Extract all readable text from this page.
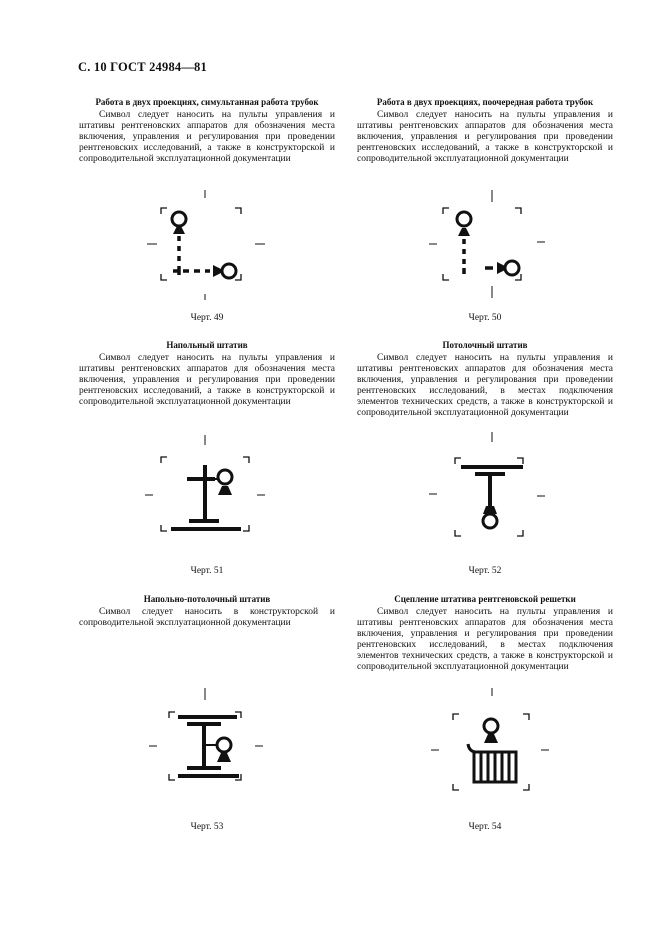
С. 10 ГОСТ 24984—81
Работа в двух проекциях, симультанная работа трубок
Символ следует наносить на пульты управления и штативы рентгеновских аппаратов для обозначения места включения, управления и регулирования при проведении рентгеновских исследований, а также в конструкторской и сопроводительной эксплуатационной документации
Черт. 49
Напольный штатив
Символ следует наносить на пульты управления и штативы рентгеновских аппаратов для обозначения места включения, управления и регулирования при проведении рентгеновских исследований, а также в конструкторской и сопроводительной эксплуатационной документации
Черт. 51
Напольно-потолочный штатив
Символ следует наносить в конструкторской и сопроводительной эксплуатационной документации
Черт. 53
Работа в двух проекциях, поочередная работа трубок
Символ следует наносить на пульты управления и штативы рентгеновских аппаратов для обозначения места включения, управления и регулирования при проведении рентгеновских исследований, а также в конструкторской и сопроводительной эксплуатационной документации
Черт. 50
Потолочный штатив
Символ следует наносить на пульты управления и штативы рентгеновских аппаратов для обозначения места включения, управления и регулирования при проведении рентгеновских исследований, в местах подключения элементов технических средств, а также в конструкторской и сопроводительной эксплуатационной документации
Черт. 52
Сцепление штатива рентгеновской решетки
Символ следует наносить на пульты управления и штативы рентгеновских аппаратов для обозначения места включения, управления и регулирования при проведении рентгеновских исследований, в местах подключения элементов технических средств, а также в конструкторской и сопроводительной эксплуатационной документации
Черт. 54
